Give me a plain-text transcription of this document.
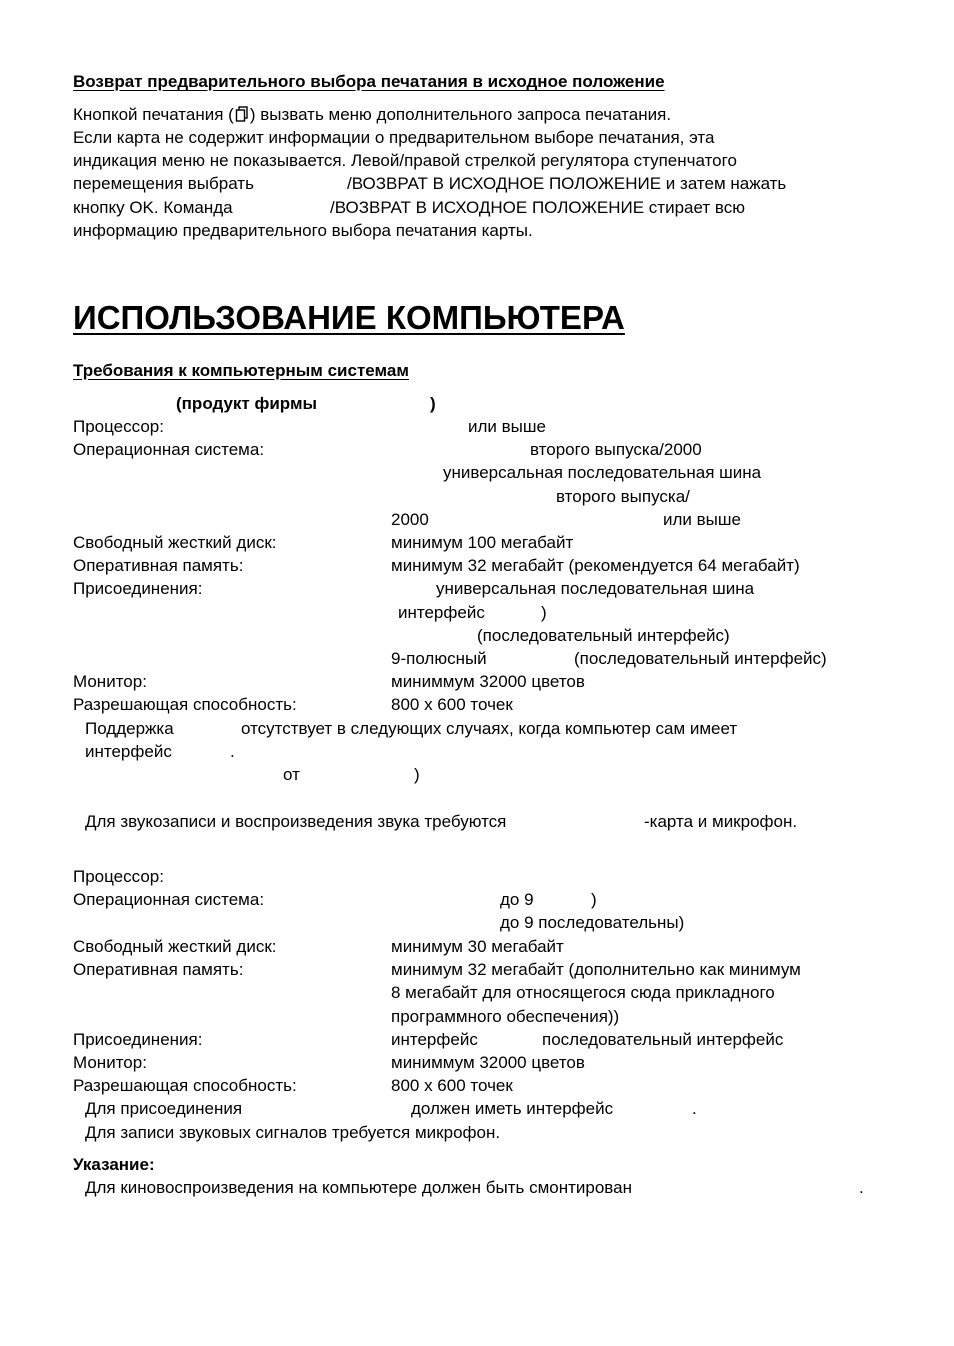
Возврат предварительного выбора печатания в исходное положение
Кнопкой печатания ( ) вызвать меню дополнительного запроса печатания.
Если карта не содержит информации о предварительном выборе печатания, эта
индикация меню не показывается. Левой/правой стрелкой регулятора ступенчатого
перемещения выбрать	/ВОЗВРАТ В ИСХОДНОЕ ПОЛОЖЕНИЕ и затем нажать
кнопку OK. Команда	/ВОЗВРАТ В ИСХОДНОЕ ПОЛОЖЕНИЕ стирает всю
информацию предварительного выбора печатания карты.
ИСПОЛЬЗОВАНИЕ КОМПЬЮТЕРА
Требования к компьютерным системам
(продукт фирмы	)
Процессор:	или выше
Операционная система:	второго выпуска/2000
универсальная последовательная шина
второго выпуска/
2000	или выше
Свободный жесткий диск:	минимум 100 мегабайт
Оперативная память:	минимум 32 мегабайт (рекомендуется 64 мегабайт)
Присоединения:	универсальная последовательная шина
интерфейс	)
(последовательный интерфейс)
9-полюсный	(последовательный интерфейс)
Монитор:	миниммум 32000 цветов
Разрешающая способность:	800 х 600 точек
Поддержка	отсутствует в следующих случаях, когда компьютер сам имеет
интерфейс	.
от	)
Для звукозаписи и воспроизведения звука требуются	-карта и микрофон.
Процессор:
Операционная система:	до 9	)
до 9 последовательны)
Свободный жесткий диск:	минимум 30 мегабайт
Оперативная память:	минимум 32 мегабайт (дополнительно как минимум
8 мегабайт для относящегося сюда прикладного
программного обеспечения))
Присоединения:	интерфейс	последовательный интерфейс
Монитор:	миниммум 32000 цветов
Разрешающая способность:	800 х 600 точек
Для присоединения	должен иметь интерфейс	.
Для записи звуковых сигналов требуется микрофон.
Указание:
Для киновоспроизведения на компьютере должен быть смонтирован	.
